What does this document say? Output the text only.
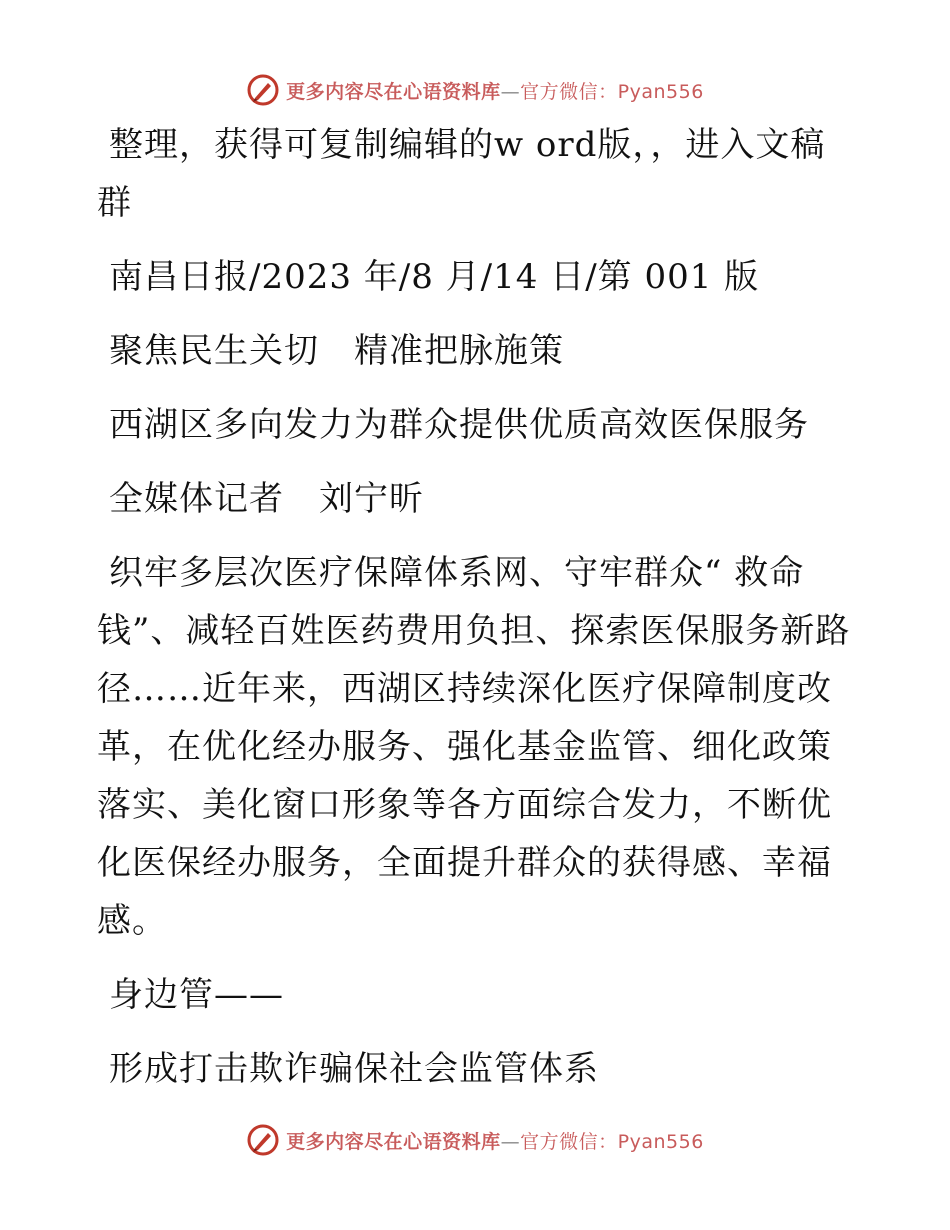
更多内容尽在心语资料库—官方微信：Pyan556

整理，获得可复制编辑的w ord版，，进入文稿群

南昌日报/2023 年/8 月/14 日/第 001 版

聚焦民生关切　精准把脉施策

西湖区多向发力为群众提供优质高效医保服务

全媒体记者　刘宁昕

织牢多层次医疗保障体系网、守牢群众“ 救命钱”、减轻百姓医药费用负担、探索医保服务新路径……近年来，西湖区持续深化医疗保障制度改革，在优化经办服务、强化基金监管、细化政策落实、美化窗口形象等各方面综合发力，不断优化医保经办服务，全面提升群众的获得感、幸福感。

身边管——

形成打击欺诈骗保社会监管体系

更多内容尽在心语资料库—官方微信：Pyan556
